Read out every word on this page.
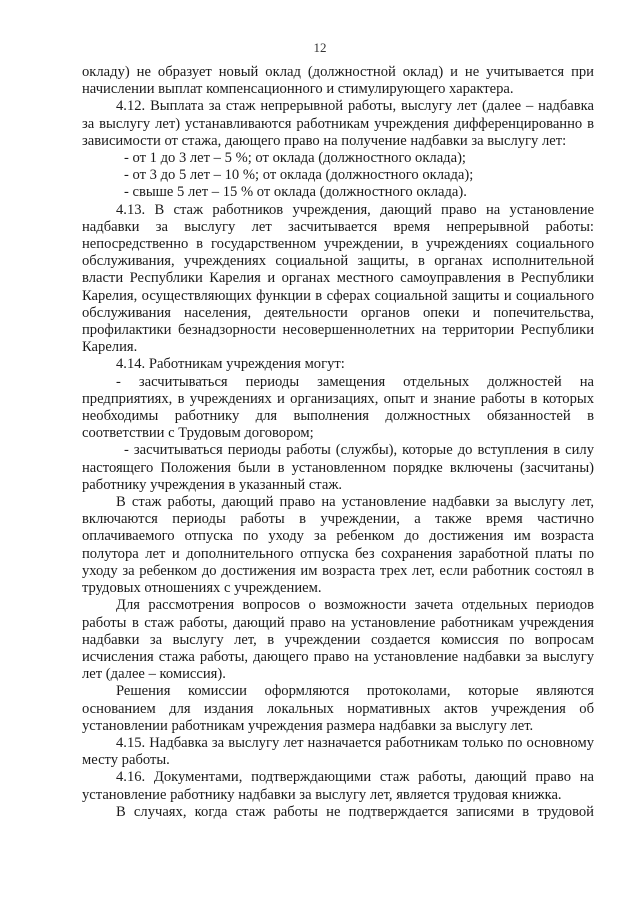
12

окладу) не образует новый оклад (должностной оклад) и не учитывается при начислении выплат компенсационного и стимулирующего характера.

4.12. Выплата за стаж непрерывной работы, выслугу лет (далее – надбавка за выслугу лет) устанавливаются работникам учреждения дифференцированно в зависимости от стажа, дающего право на получение надбавки за выслугу лет:

- от 1 до 3 лет – 5 %; от оклада (должностного оклада);

- от 3 до 5 лет – 10 %; от оклада (должностного оклада);

- свыше 5 лет – 15 % от оклада (должностного оклада).

4.13. В стаж работников учреждения, дающий право на установление надбавки за выслугу лет засчитывается время непрерывной работы: непосредственно в государственном учреждении, в учреждениях социального обслуживания, учреждениях социальной защиты, в органах исполнительной власти Республики Карелия и органах местного самоуправления в Республики Карелия, осуществляющих функции в сферах социальной защиты и социального обслуживания населения, деятельности органов опеки и попечительства, профилактики безнадзорности несовершеннолетних на территории Республики Карелия.

4.14. Работникам учреждения могут:

- засчитываться периоды замещения отдельных должностей на предприятиях, в учреждениях и организациях, опыт и знание работы в которых необходимы работнику для выполнения должностных обязанностей в соответствии с Трудовым договором;

- засчитываться периоды работы (службы), которые до вступления в силу настоящего Положения были в установленном порядке включены (засчитаны) работнику учреждения в указанный стаж.

В стаж работы, дающий право на установление надбавки за выслугу лет, включаются периоды работы в учреждении, а также время частично оплачиваемого отпуска по уходу за ребенком до достижения им возраста полутора лет и дополнительного отпуска без сохранения заработной платы по уходу за ребенком до достижения им возраста трех лет, если работник состоял в трудовых отношениях с учреждением.

Для рассмотрения вопросов о возможности зачета отдельных периодов работы в стаж работы, дающий право на установление работникам учреждения надбавки за выслугу лет, в учреждении создается комиссия по вопросам исчисления стажа работы, дающего право на установление надбавки за выслугу лет (далее – комиссия).

Решения комиссии оформляются протоколами, которые являются основанием для издания локальных нормативных актов учреждения об установлении работникам учреждения размера надбавки за выслугу лет.

4.15. Надбавка за выслугу лет назначается работникам только по основному месту работы.

4.16. Документами, подтверждающими стаж работы, дающий право на установление работнику надбавки за выслугу лет, является трудовая книжка.

В случаях, когда стаж работы не подтверждается записями в трудовой
